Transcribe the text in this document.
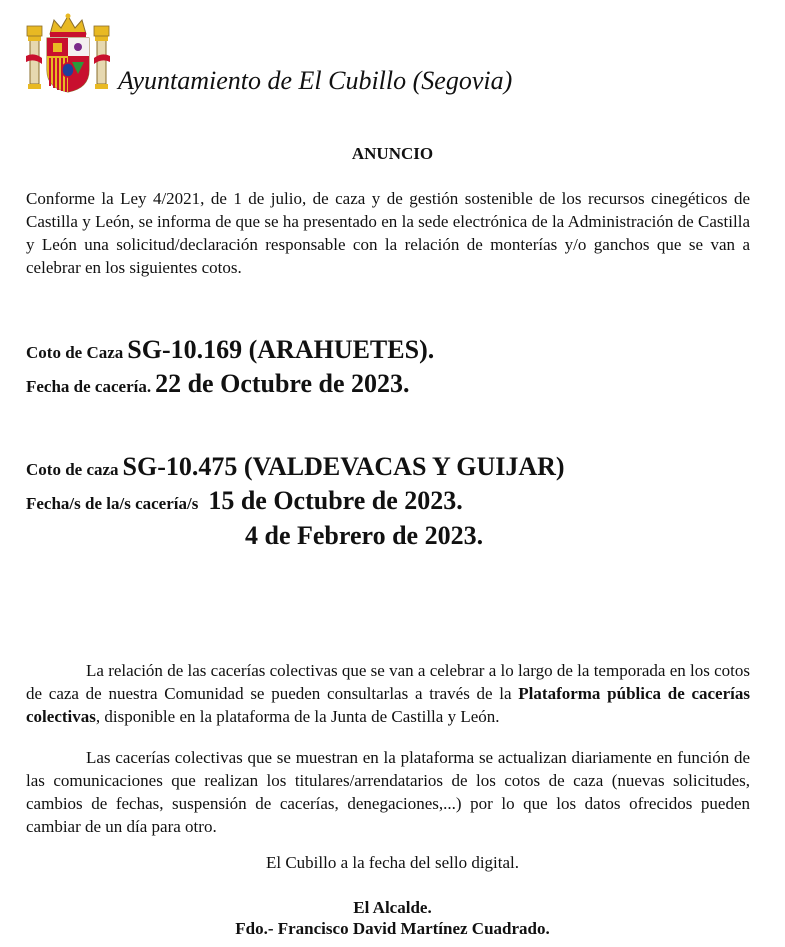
Ayuntamiento de El Cubillo (Segovia)
ANUNCIO
Conforme la Ley 4/2021, de 1 de julio, de caza y de gestión sostenible de los recursos cinegéticos de Castilla y León, se informa de que se ha presentado en la sede electrónica de la Administración de Castilla y León una solicitud/declaración responsable con la relación de monterías y/o ganchos que se van a celebrar en los siguientes cotos.
Coto de Caza SG-10.169 (ARAHUETES).
Fecha de cacería. 22 de Octubre de 2023.
Coto de caza SG-10.475 (VALDEVACAS Y GUIJAR)
Fecha/s de la/s cacería/s 15 de Octubre de 2023.
4 de Febrero de 2023.
La relación de las cacerías colectivas que se van a celebrar a lo largo de la temporada en los cotos de caza de nuestra Comunidad se pueden consultarlas a través de la Plataforma pública de cacerías colectivas, disponible en la plataforma de la Junta de Castilla y León.
Las cacerías colectivas que se muestran en la plataforma se actualizan diariamente en función de las comunicaciones que realizan los titulares/arrendatarios de los cotos de caza (nuevas solicitudes, cambios de fechas, suspensión de cacerías, denegaciones,...) por lo que los datos ofrecidos pueden cambiar de un día para otro.
El Cubillo a la fecha del sello digital.
El Alcalde.
Fdo.- Francisco David Martínez Cuadrado.
